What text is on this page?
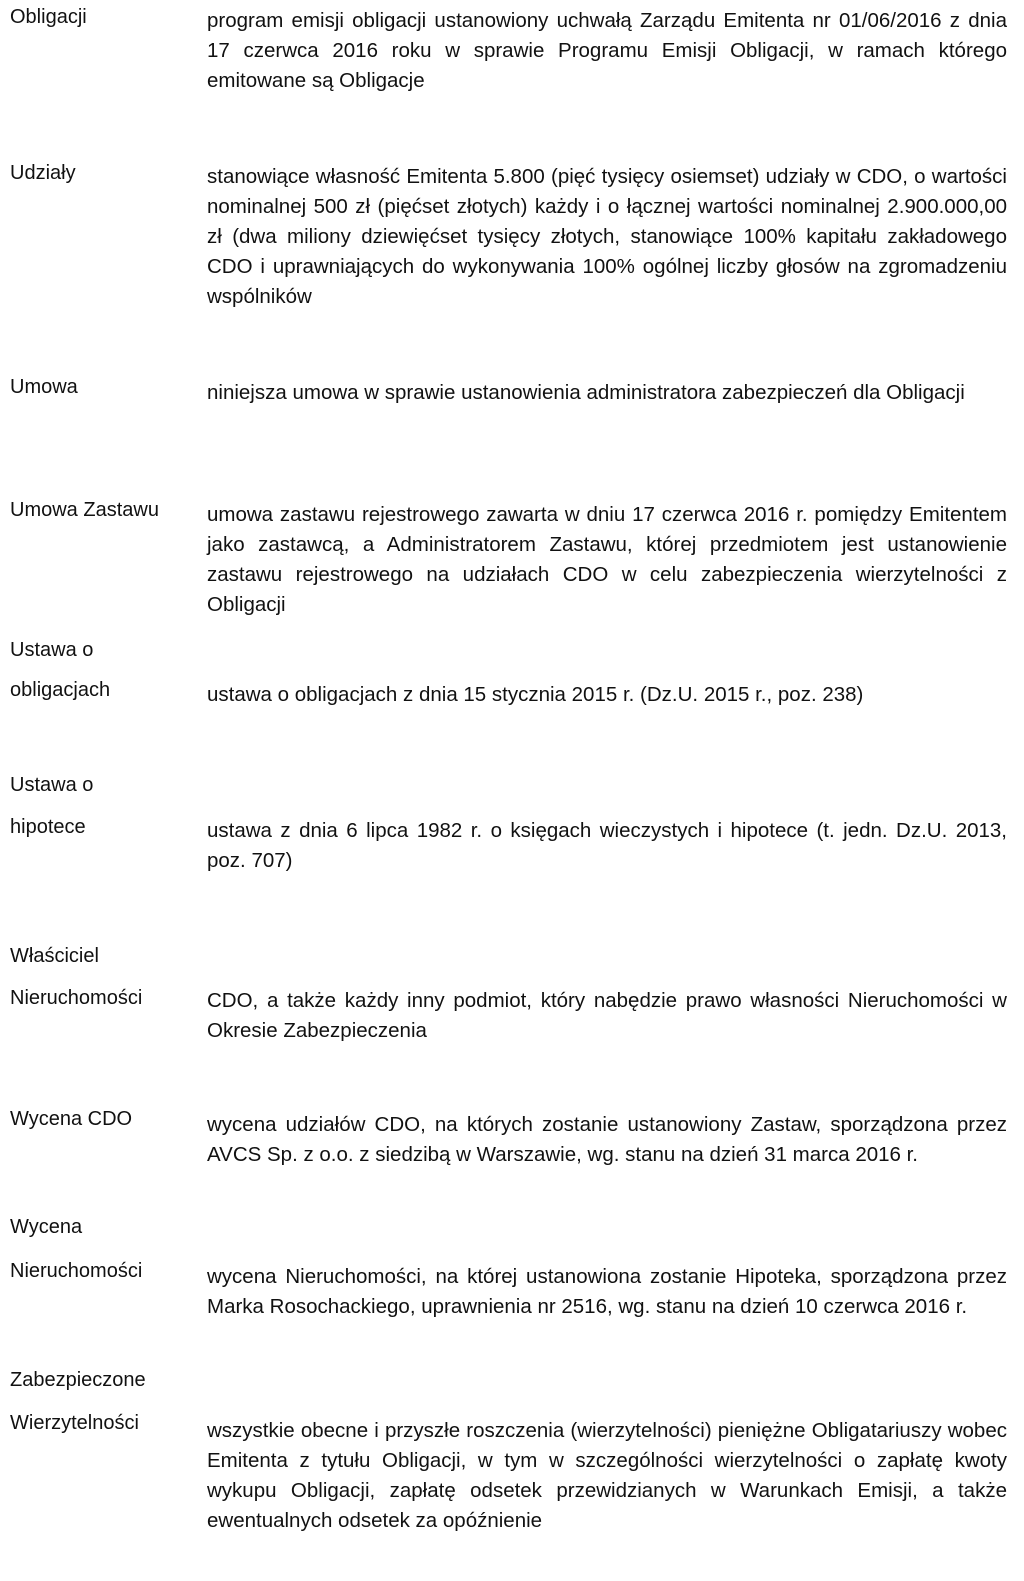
Obligacji	program emisji obligacji ustanowiony uchwałą Zarządu Emitenta nr 01/06/2016 z dnia 17 czerwca 2016 roku w sprawie Programu Emisji Obligacji, w ramach którego emitowane są Obligacje
Udziały	stanowiące własność Emitenta 5.800 (pięć tysięcy osiemset) udziały w CDO, o wartości nominalnej 500 zł (pięćset złotych) każdy i o łącznej wartości nominalnej 2.900.000,00 zł (dwa miliony dziewięćset tysięcy złotych, stanowiące 100% kapitału zakładowego CDO i uprawniających do wykonywania 100% ogólnej liczby głosów na zgromadzeniu wspólników
Umowa	niniejsza umowa w sprawie ustanowienia administratora zabezpieczeń dla Obligacji
Umowa Zastawu	umowa zastawu rejestrowego zawarta w dniu 17 czerwca 2016 r. pomiędzy Emitentem jako zastawcą, a Administratorem Zastawu, której przedmiotem jest ustanowienie zastawu rejestrowego na udziałach CDO w celu zabezpieczenia wierzytelności z Obligacji
Ustawa o
obligacjach	ustawa o obligacjach z dnia 15 stycznia 2015 r. (Dz.U. 2015 r., poz. 238)
Ustawa o
hipotece	ustawa z dnia 6 lipca 1982 r. o księgach wieczystych i hipotece (t. jedn. Dz.U. 2013, poz. 707)
Właściciel
Nieruchomości	CDO, a także każdy inny podmiot, który nabędzie prawo własności Nieruchomości w Okresie Zabezpieczenia
Wycena CDO	wycena udziałów CDO, na których zostanie ustanowiony Zastaw, sporządzona przez AVCS Sp. z o.o. z siedzibą w Warszawie, wg. stanu na dzień 31 marca 2016 r.
Wycena
Nieruchomości	wycena Nieruchomości, na której ustanowiona zostanie Hipoteka, sporządzona przez Marka Rosochackiego, uprawnienia nr 2516, wg. stanu na dzień 10 czerwca 2016 r.
Zabezpieczone
Wierzytelności	wszystkie obecne i przyszłe roszczenia (wierzytelności) pieniężne Obligatariuszy wobec Emitenta z tytułu Obligacji, w tym w szczególności wierzytelności o zapłatę kwoty wykupu Obligacji, zapłatę odsetek przewidzianych w Warunkach Emisji, a także ewentualnych odsetek za opóźnienie
